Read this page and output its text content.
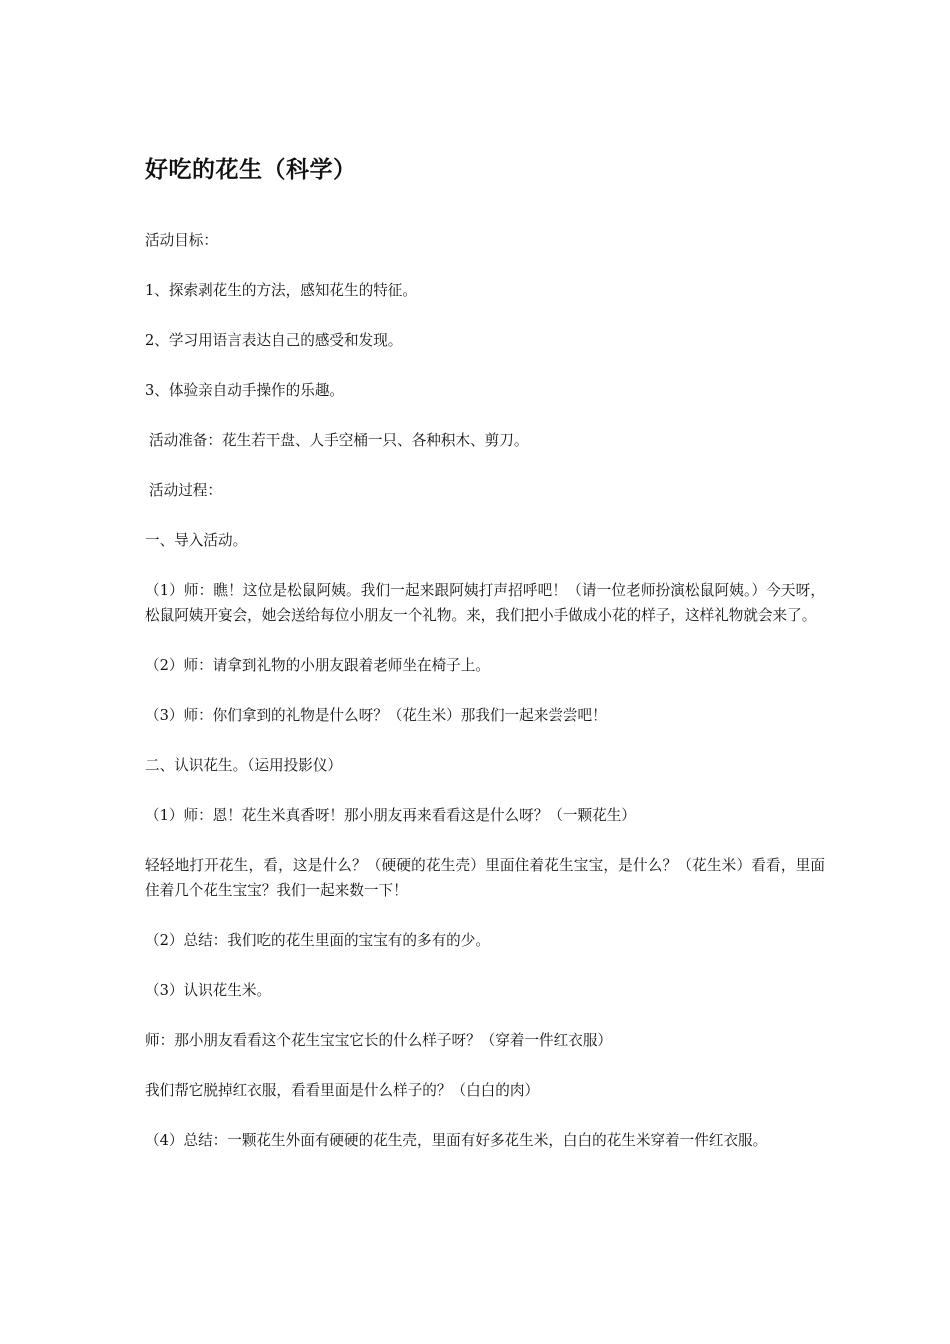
好吃的花生（科学）

活动目标：

1、探索剥花生的方法，感知花生的特征。

2、学习用语言表达自己的感受和发现。

3、体验亲自动手操作的乐趣。

活动准备：花生若干盘、人手空桶一只、各种积木、剪刀。

活动过程：

一、导入活动。

（1）师：瞧！这位是松鼠阿姨。我们一起来跟阿姨打声招呼吧！（请一位老师扮演松鼠阿姨。）今天呀，松鼠阿姨开宴会，她会送给每位小朋友一个礼物。来，我们把小手做成小花的样子，这样礼物就会来了。

（2）师：请拿到礼物的小朋友跟着老师坐在椅子上。

（3）师：你们拿到的礼物是什么呀？（花生米）那我们一起来尝尝吧！

二、认识花生。（运用投影仪）

（1）师：恩！花生米真香呀！那小朋友再来看看这是什么呀？（一颗花生）

轻轻地打开花生，看，这是什么？（硬硬的花生壳）里面住着花生宝宝，是什么？（花生米）看看，里面住着几个花生宝宝？我们一起来数一下！

（2）总结：我们吃的花生里面的宝宝有的多有的少。

（3）认识花生米。

师：那小朋友看看这个花生宝宝它长的什么样子呀？（穿着一件红衣服）

我们帮它脱掉红衣服，看看里面是什么样子的？（白白的肉）

（4）总结：一颗花生外面有硬硬的花生壳，里面有好多花生米，白白的花生米穿着一件红衣服。
